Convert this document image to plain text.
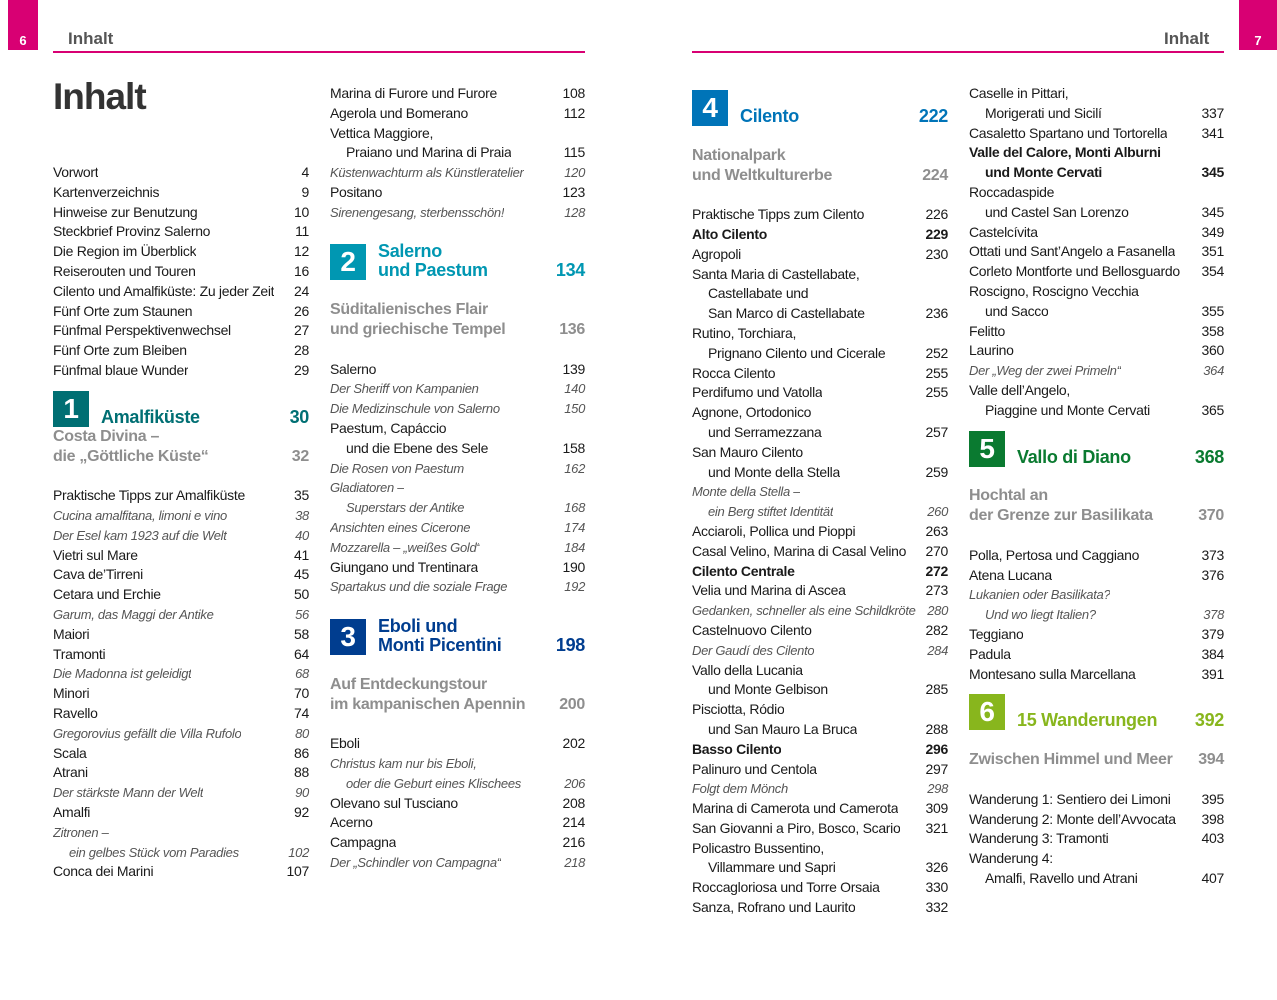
6	Inhalt	7
Inhalt
Inhalt
Vorwort	4
Kartenverzeichnis	9
Hinweise zur Benutzung	10
Steckbrief Provinz Salerno	11
Die Region im Überblick	12
Reiserouten und Touren	16
Cilento und Amalfiküste: Zu jeder Zeit	24
Fünf Orte zum Staunen	26
Fünfmal Perspektivenwechsel	27
Fünf Orte zum Bleiben	28
Fünfmal blaue Wunder	29
1	Amalfiküste	30
Costa Divina –
die „Göttliche Küste“	32
Praktische Tipps zur Amalfiküste	35
Cucina amalfitana, limoni e vino	38
Der Esel kam 1923 auf die Welt	40
Vietri sul Mare	41
Cava de’Tirreni	45
Cetara und Erchie	50
Garum, das Maggi der Antike	56
Maiori	58
Tramonti	64
Die Madonna ist geleidigt	68
Minori	70
Ravello	74
Gregorovius gefällt die Villa Rufolo	80
Scala	86
Atrani	88
Der stärkste Mann der Welt	90
Amalfi	92
Zitronen –
ein gelbes Stück vom Paradies	102
Conca dei Marini	107
Marina di Furore und Furore	108
Agerola und Bomerano	112
Vettica Maggiore,
Praiano und Marina di Praia	115
Küstenwachturm als Künstleratelier	120
Positano	123
Sirenengesang, sterbensschön!	128
2	Salerno
und Paestum	134
Süditalienisches Flair
und griechische Tempel	136
Salerno	139
Der Sheriff von Kampanien	140
Die Medizinschule von Salerno	150
Paestum, Capáccio
und die Ebene des Sele	158
Die Rosen von Paestum	162
Gladiatoren –
Superstars der Antike	168
Ansichten eines Cicerone	174
Mozzarella – „weißes Gold“	184
Giungano und Trentinara	190
Spartakus und die soziale Frage	192
3	Eboli und
Monti Picentini	198
Auf Entdeckungstour
im kampanischen Apennin 200
Eboli	202
Christus kam nur bis Eboli,
oder die Geburt eines Klischees	206
Olevano sul Tusciano	208
Acerno	214
Campagna	216
Der „Schindler von Campagna“	218
4	Cilento	222
Nationalpark
und Weltkulturerbe	224
Praktische Tipps zum Cilento	226
Alto Cilento	229
Agropoli	230
Santa Maria di Castellabate,
Castellabate und
San Marco di Castellabate	236
Rutino, Torchiara,
Prignano Cilento und Cicerale	252
Rocca Cilento	255
Perdifumo und Vatolla	255
Agnone, Ortodonico
und Serramezzana	257
San Mauro Cilento
und Monte della Stella	259
Monte della Stella –
ein Berg stiftet Identität	260
Acciaroli, Pollica und Pioppi	263
Casal Velino, Marina di Casal Velino	270
Cilento Centrale	272
Velia und Marina di Ascea	273
Gedanken, schneller als eine Schildkröte 280
Castelnuovo Cilento	282
Der Gaudí des Cilento	284
Vallo della Lucania
und Monte Gelbison	285
Pisciotta, Ródio
und San Mauro La Bruca	288
Basso Cilento	296
Palinuro und Centola	297
Folgt dem Mönch	298
Marina di Camerota und Camerota	309
San Giovanni a Piro, Bosco, Scario	321
Policastro Bussentino,
Villammare und Sapri	326
Roccagloriosa und Torre Orsaia	330
Sanza, Rofrano und Laurito	332
Caselle in Pittari,
Morigerati und Sicilí	337
Casaletto Spartano und Tortorella	341
Valle del Calore, Monti Alburni
und Monte Cervati	345
Roccadaspide
und Castel San Lorenzo	345
Castelcívita	349
Ottati und Sant’Angelo a Fasanella	351
Corleto Montforte und Bellosguardo	354
Roscigno, Roscigno Vecchia
und Sacco	355
Felitto	358
Laurino	360
Der „Weg der zwei Primeln“	364
Valle dell’Angelo,
Piaggine und Monte Cervati	365
5	Vallo di Diano	368
Hochtal an
der Grenze zur Basilikata	370
Polla, Pertosa und Caggiano	373
Atena Lucana	376
Lukanien oder Basilikata?
Und wo liegt Italien?	378
Teggiano	379
Padula	384
Montesano sulla Marcellana	391
6	15 Wanderungen	392
Zwischen Himmel und Meer 394
Wanderung 1: Sentiero dei Limoni	395
Wanderung 2: Monte dell’Avvocata	398
Wanderung 3: Tramonti	403
Wanderung 4:
Amalfi, Ravello und Atrani	407
